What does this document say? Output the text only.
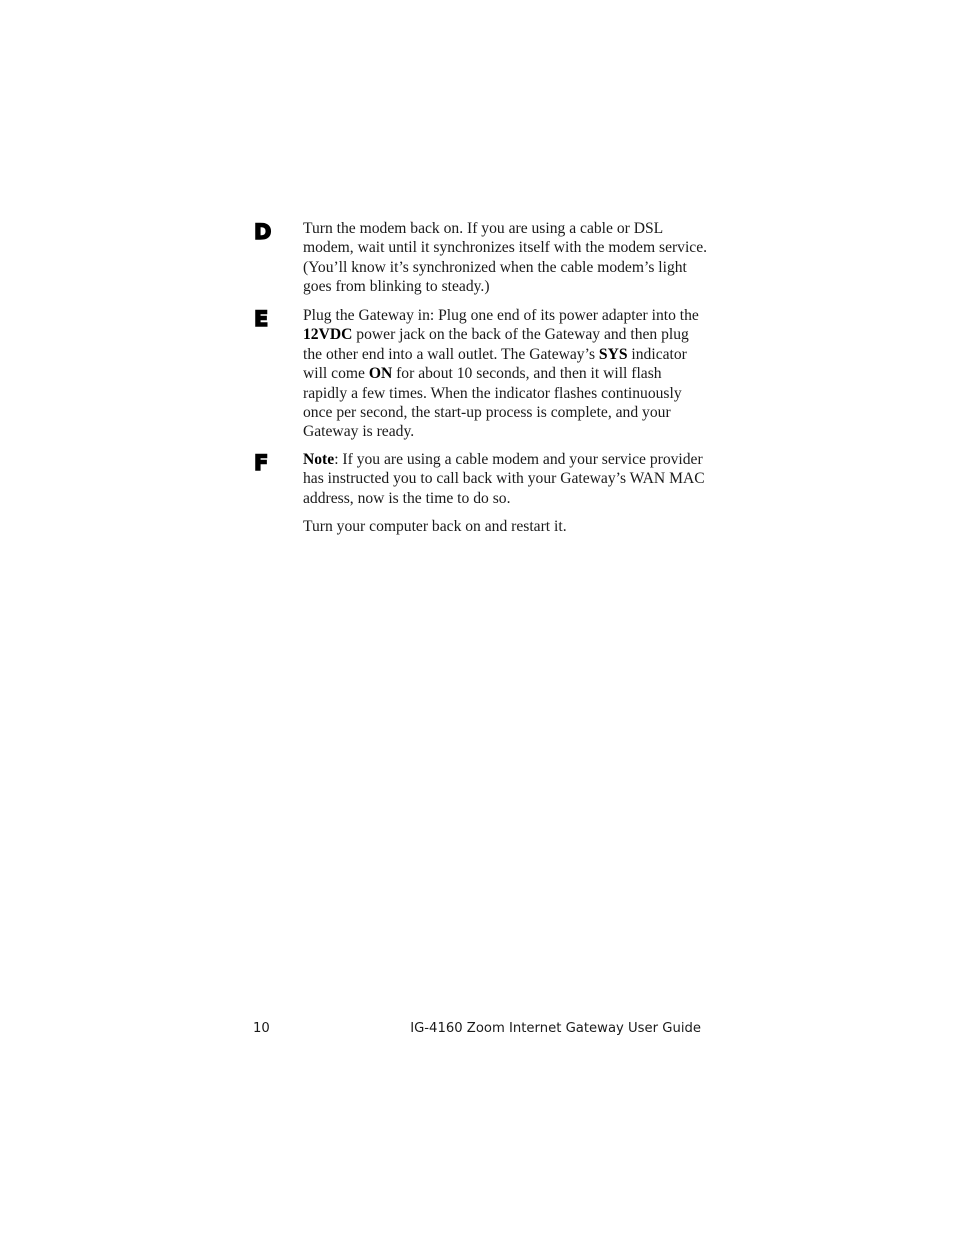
D Turn the modem back on. If you are using a cable or DSL modem, wait until it synchronizes itself with the modem service. (You’ll know it’s synchronized when the cable modem’s light goes from blinking to steady.)

E Plug the Gateway in: Plug one end of its power adapter into the 12VDC power jack on the back of the Gateway and then plug the other end into a wall outlet. The Gateway’s SYS indicator will come ON for about 10 seconds, and then it will flash rapidly a few times. When the indicator flashes continuously once per second, the start-up process is complete, and your Gateway is ready.

F Note: If you are using a cable modem and your service provider has instructed you to call back with your Gateway’s WAN MAC address, now is the time to do so.

Turn your computer back on and restart it.

10	IG-4160 Zoom Internet Gateway User Guide
